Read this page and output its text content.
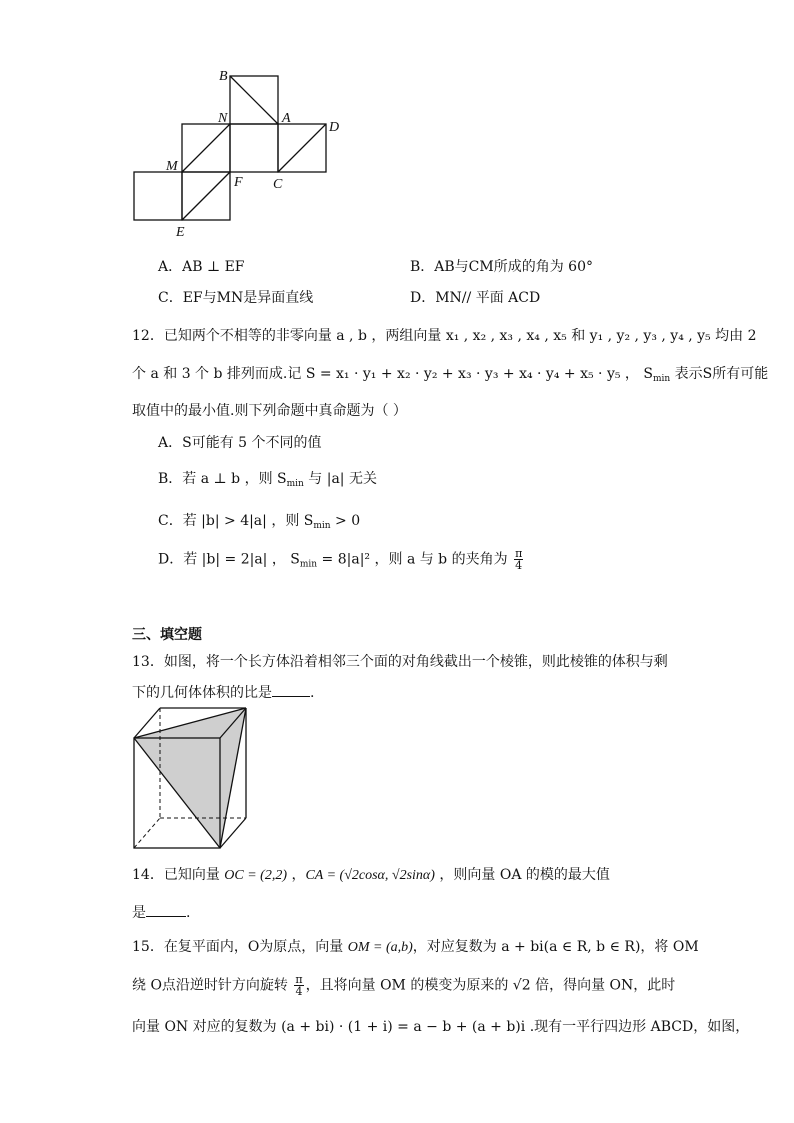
B
N	A
D
M
F C
E
A．AB ⊥ EF	B．AB与CM所成的角为 60°
C．EF与MN是异面直线	D．MN// 平面 ACD
12．已知两个不相等的非零向量 a , b ，两组向量 x₁ , x₂ , x₃ , x₄ , x₅ 和 y₁ , y₂ , y₃ , y₄ , y₅ 均由 2
个 a 和 3 个 b 排列而成.记 S = x₁ · y₁ + x₂ · y₂ + x₃ · y₃ + x₄ · y₄ + x₅ · y₅ ， $S_{min}$ 表示S所有可能
取值中的最小值.则下列命题中真命题为（ ）
A．S可能有 5 个不同的值
B．若 a ⊥ b ，则 $S_{min}$ 与 |a| 无关
C．若 |b| > 4|a| ，则 $S_{min} > 0$
D．若 |b| = 2|a| ， $S_{min} = 8|a|^2$ ，则 a 与 b 的夹角为 $\frac{\pi}{4}$
三、填空题
13．如图，将一个长方体沿着相邻三个面的对角线截出一个棱锥，则此棱锥的体积与剩
下的几何体体积的比是	.
14．已知向量 OC = (2,2) ，CA = (√2cosα, √2sinα) ，则向量 OA 的模的最大值
是	.
15．在复平面内，O为原点，向量 OM = (a,b)，对应复数为 a + bi(a ∈ R, b ∈ R)，将 OM
绕 O点沿逆时针方向旋转 $\frac{\pi}{4}$ ，且将向量 OM 的模变为原来的 √2 倍，得向量 ON，此时
向量 ON 对应的复数为 (a + bi) · (1 + i) = a − b + (a + b)i .现有一平行四边形 ABCD，如图，
